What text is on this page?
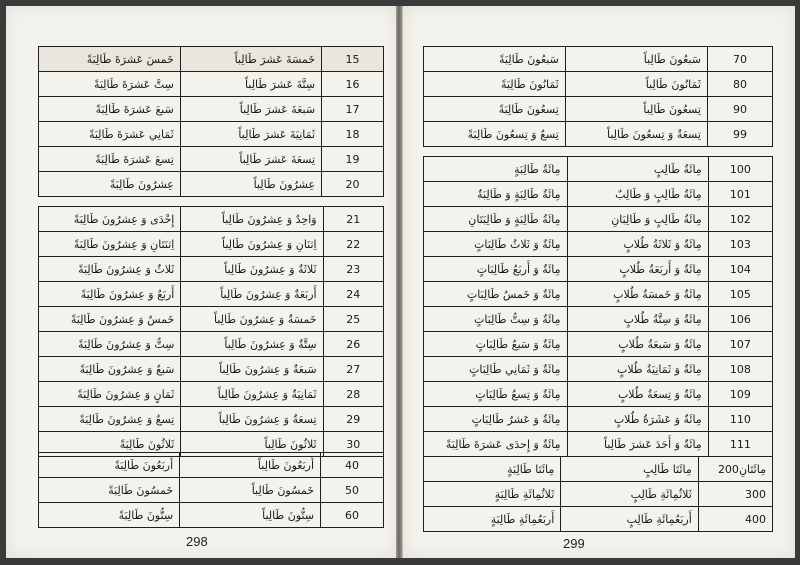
خَمسَ عَشرَةَ طَالِبَةً	خَمسَةَ عَشرَ طَالِباً	15
سِتَّ عَشرَةَ طَالِبَةً	سِتَّةَ عَشرَ طَالِباً	16
سَبعَ عَشرَةَ طَالِبَةً	سَبعَةَ عَشرَ طَالِباً	17
ثَمَانِي عَشرَةَ طَالِبَةً	ثَمَانِيَةَ عَشرَ طَالِباً	18
تِسعَ عَشرَةَ طَالِبَةً	تِسعَةَ عَشرَ طَالِباً	19
عِشرُونَ طَالِبَةً	عِشرُونَ طَالِباً	20
إِحْدَى وَ عِشرُونَ طَالِبَةً	وَاحِدٌ وَ عِشرُونَ طَالِباً	21
اِثنَتَانِ وَ عِشرُونَ طَالِبَةً	اِثنَانِ وَ عِشرُونَ طَالِباً	22
ثَلاثٌ وَ عِشرُونَ طَالِبَةً	ثَلاثَةٌ وَ عِشرُونَ طَالِباً	23
أَربَعٌ وَ عِشرُونَ طَالِبَةً	أَربَعَةٌ وَ عِشرُونَ طَالِباً	24
خَمسٌ وَ عِشرُونَ طَالِبَةً	خَمسَةٌ وَ عِشرُونَ طَالِباً	25
سِتٌّ وَ عِشرُونَ طَالِبَةً	سِتَّةٌ وَ عِشرُونَ طَالِباً	26
سَبعٌ وَ عِشرُونَ طَالِبَةً	سَبعَةٌ وَ عِشرُونَ طَالِباً	27
ثَمَانٍ وَ عِشرُونَ طَالِبَةً	ثَمَانِيَةٌ وَ عِشرُونَ طَالِباً	28
تِسعٌ وَ عِشرُونَ طَالِبَةً	تِسعَةٌ وَ عِشرُونَ طَالِباً	29
ثَلاثُونَ طَالِبَةً	ثَلاثُونَ طَالِباً	30
أَربَعُونَ طَالِبَةً	أَربَعُونَ طَالِباً	40
خَمسُونَ طَالِبَةً	خَمسُونَ طَالِباً	50
سِتُّونَ طَالِبَةً	سِتُّونَ طَالِباً	60
298
سَبعُونَ طَالِبَةً	سَبعُونَ طَالِباً	70
ثَمَانُونَ طَالِبَةً	ثَمَانُونَ طَالِباً	80
تِسعُونَ طَالِبَةً	تِسعُونَ طَالِباً	90
تِسعٌ وَ تِسعُونَ طَالِبَةً	تِسعَةٌ وَ تِسعُونَ طَالِباً	99
مِائَةُ طَالِبَةٍ	مِائَةُ طَالِبٍ	100
مِائَةُ طَالِبَةٍ وَ طَالِبَةٌ	مِائَةُ طَالِبٍ وَ طَالِبٌ	101
مِائَةُ طَالِبَةٍ وَ طَالِبَتَانِ	مِائَةُ طَالِبٍ وَ طَالِبَانِ	102
مِائَةٌ وَ ثَلاثُ طَالِبَاتٍ	مِائَةٌ وَ ثَلاثَةُ طُلابٍ	103
مِائَةٌ وَ أَربَعُ طَالِبَاتٍ	مِائَةٌ وَ أَربَعَةُ طُلابٍ	104
مِائَةٌ وَ خَمسُ طَالِبَاتٍ	مِائَةٌ وَ خَمسَةُ طُلابٍ	105
مِائَةٌ وَ سِتُّ طَالِبَاتٍ	مِائَةٌ وَ سِتَّةُ طُلابٍ	106
مِائَةٌ وَ سَبعُ طَالِبَاتٍ	مِائَةٌ وَ سَبعَةُ طُلابٍ	107
مِائَةٌ وَ ثَمَانِي طَالِبَاتٍ	مِائَةٌ وَ ثَمَانِيَةُ طُلابٍ	108
مِائَةٌ وَ تِسعُ طَالِبَاتٍ	مِائَةٌ وَ تِسعَةُ طُلابٍ	109
مِائَةٌ وَ عَشرُ طَالِبَاتٍ	مِائَةٌ وَ عَشَرَةُ طُلابٍ	110
مِائَةٌ وَ إِحدَى عَشرَةَ طَالِبَةً	مِائَةٌ وَ أَحَدَ عَشرَ طَالِباً	111
مِائَتَا طَالِبَةٍ	مِائَتَا طَالِبٍ	200مِائَتَانِ
ثَلاثُمِائَةِ طَالِبَةٍ	ثَلاثُمِائَةِ طَالِبٍ	300
أَربَعُمِائَةِ طَالِبَةٍ	أَربَعُمِائَةِ طَالِبٍ	400
299
